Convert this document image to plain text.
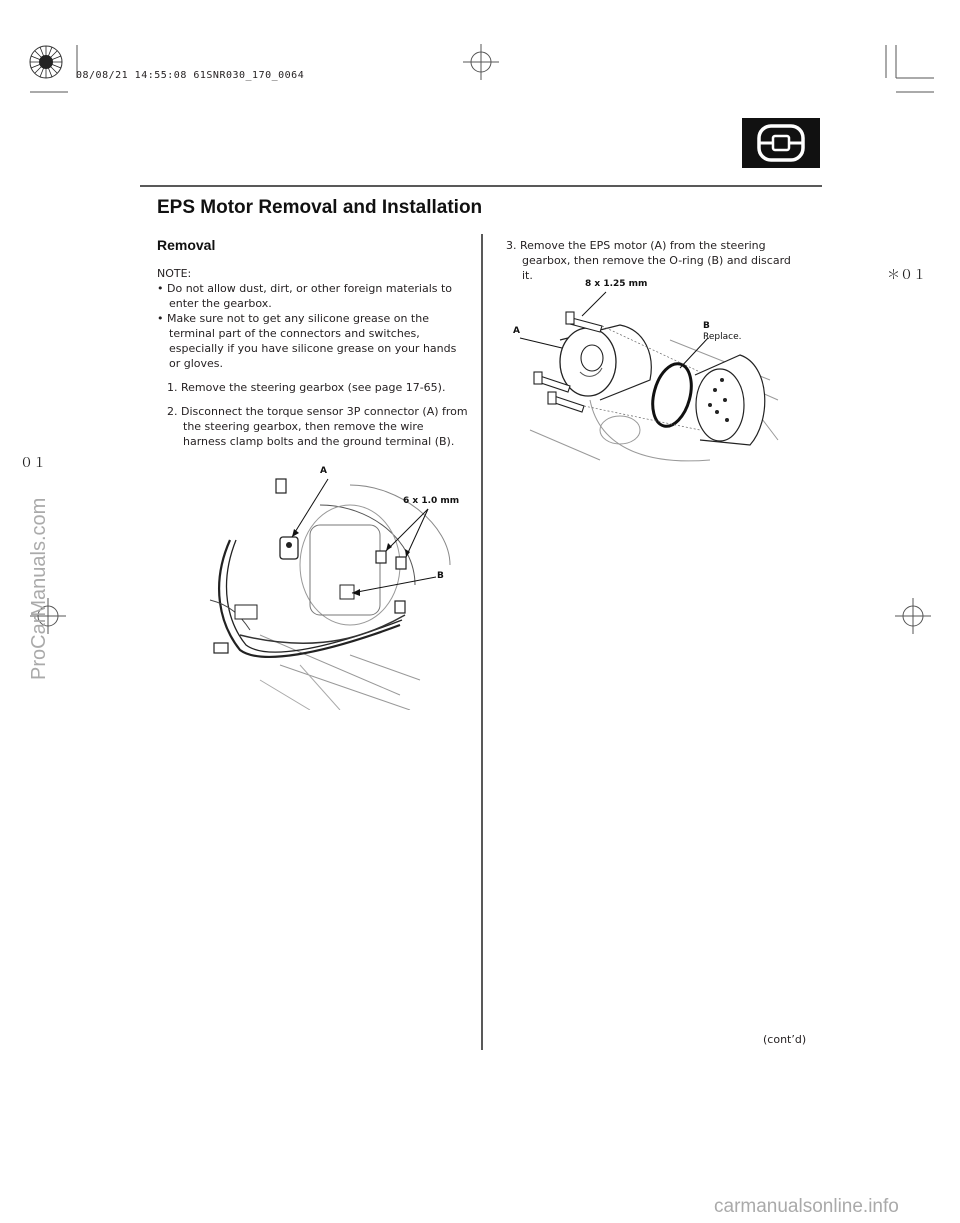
08/08/21 14:55:08 61SNR030_170_0064
EPS Motor Removal and Installation
＊０１
０１
Removal
NOTE:
• Do not allow dust, dirt, or other foreign materials to enter the gearbox.
• Make sure not to get any silicone grease on the terminal part of the connectors and switches, especially if you have silicone grease on your hands or gloves.
1. Remove the steering gearbox (see page 17-65).
2. Disconnect the torque sensor 3P connector (A) from the steering gearbox, then remove the wire harness clamp bolts and the ground terminal (B).
A
6 x 1.0 mm
B
3. Remove the EPS motor (A) from the steering gearbox, then remove the O-ring (B) and discard it.
8 x 1.25 mm
A	B
Replace.
(cont’d)
ProCarManuals.com
carmanualsonline.info
